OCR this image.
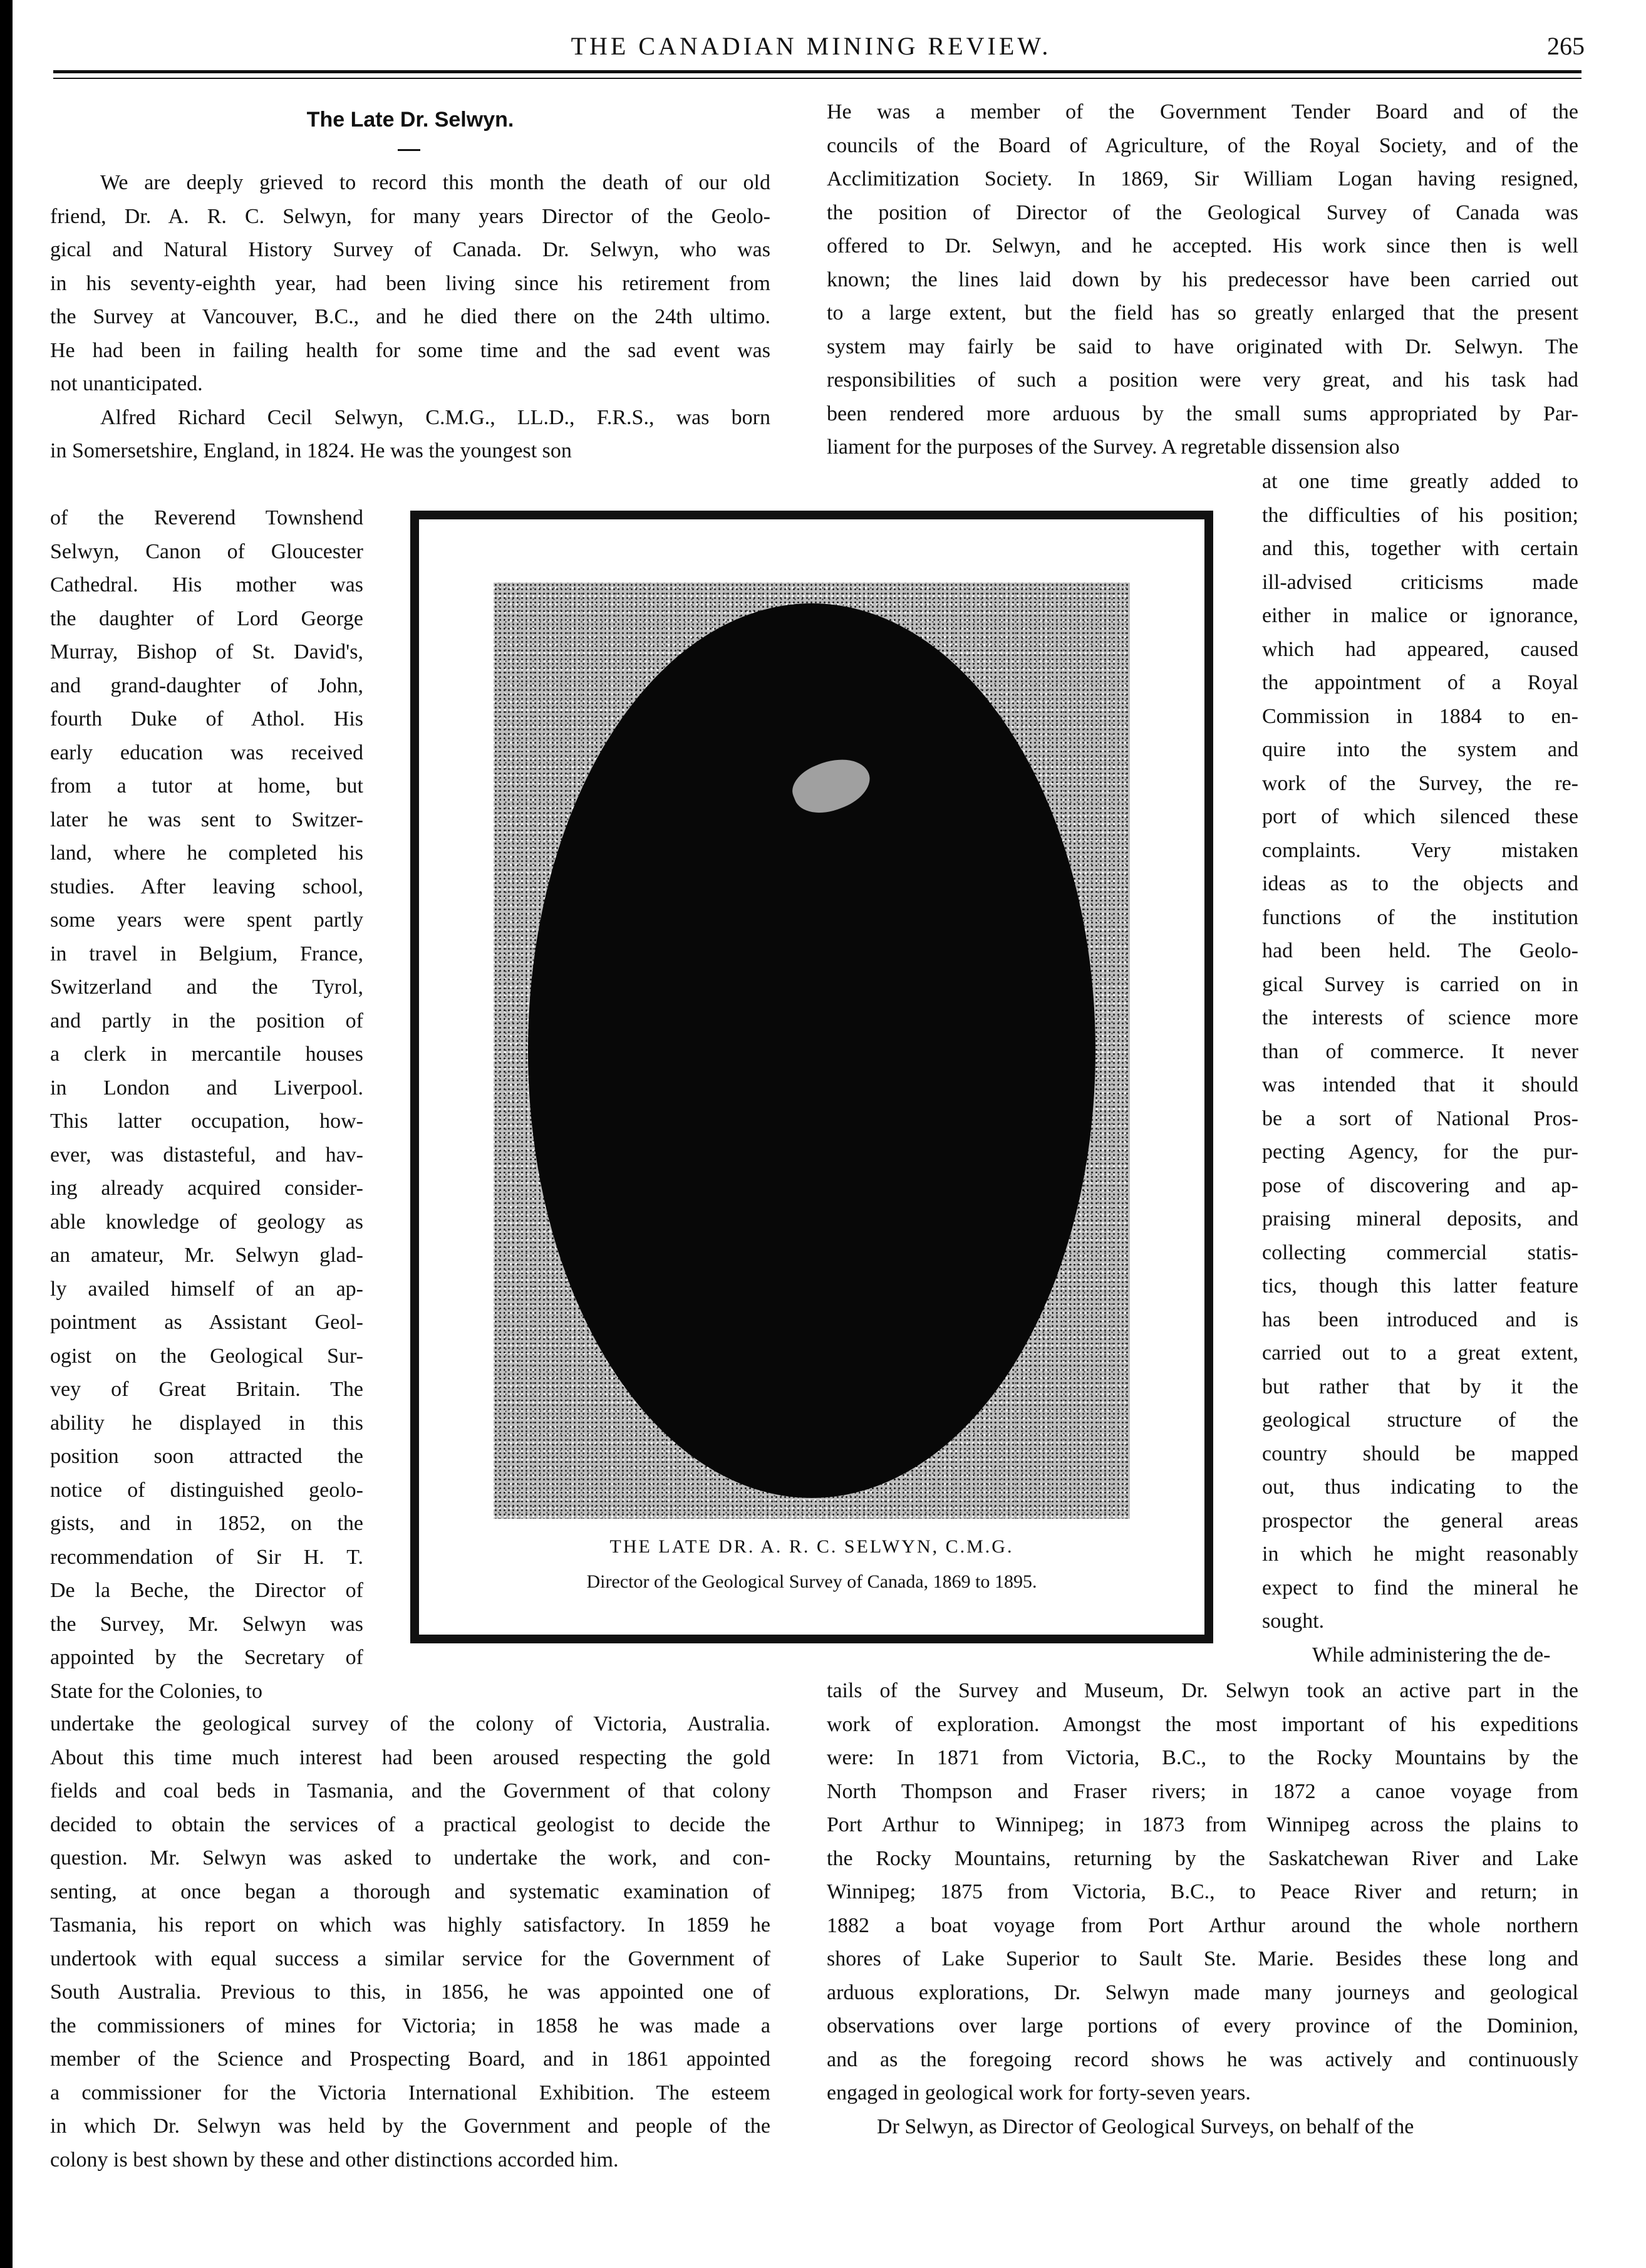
THE CANADIAN MINING REVIEW.	265
The Late Dr. Selwyn.
We are deeply grieved to record this month the death of our old
friend, Dr. A. R. C. Selwyn, for many years Director of the Geolo-
gical and Natural History Survey of Canada. Dr. Selwyn, who was
in his seventy-eighth year, had been living since his retirement from
the Survey at Vancouver, B.C., and he died there on the 24th ultimo.
He had been in failing health for some time and the sad event was
not unanticipated.
Alfred Richard Cecil Selwyn, C.M.G., LL.D., F.R.S., was born
in Somersetshire, England, in 1824. He was the youngest son
of the Reverend Townshend
Selwyn, Canon of Gloucester
Cathedral. His mother was
the daughter of Lord George
Murray, Bishop of St. David's,
and grand-daughter of John,
fourth Duke of Athol. His
early education was received
from a tutor at home, but
later he was sent to Switzer-
land, where he completed his
studies. After leaving school,
some years were spent partly
in travel in Belgium, France,
Switzerland and the Tyrol,
and partly in the position of
a clerk in mercantile houses
in London and Liverpool.
This latter occupation, how-
ever, was distasteful, and hav-
ing already acquired consider-
able knowledge of geology as
an amateur, Mr. Selwyn glad-
ly availed himself of an ap-
pointment as Assistant Geol-
ogist on the Geological Sur-
vey of Great Britain. The
ability he displayed in this
position soon attracted the
notice of distinguished geolo-
gists, and in 1852, on the
recommendation of Sir H. T.
De la Beche, the Director of
the Survey, Mr. Selwyn was
appointed by the Secretary of
State for the Colonies, to
undertake the geological survey of the colony of Victoria, Australia.
About this time much interest had been aroused respecting the gold
fields and coal beds in Tasmania, and the Government of that colony
decided to obtain the services of a practical geologist to decide the
question. Mr. Selwyn was asked to undertake the work, and con-
senting, at once began a thorough and systematic examination of
Tasmania, his report on which was highly satisfactory. In 1859 he
undertook with equal success a similar service for the Government of
South Australia. Previous to this, in 1856, he was appointed one of
the commissioners of mines for Victoria; in 1858 he was made a
member of the Science and Prospecting Board, and in 1861 appointed
a commissioner for the Victoria International Exhibition. The esteem
in which Dr. Selwyn was held by the Government and people of the
colony is best shown by these and other distinctions accorded him.
He was a member of the Government Tender Board and of the
councils of the Board of Agriculture, of the Royal Society, and of the
Acclimitization Society. In 1869, Sir William Logan having resigned,
the position of Director of the Geological Survey of Canada was
offered to Dr. Selwyn, and he accepted. His work since then is well
known; the lines laid down by his predecessor have been carried out
to a large extent, but the field has so greatly enlarged that the present
system may fairly be said to have originated with Dr. Selwyn. The
responsibilities of such a position were very great, and his task had
been rendered more arduous by the small sums appropriated by Par-
liament for the purposes of the Survey. A regretable dissension also
at one time greatly added to
the difficulties of his position;
and this, together with certain
ill-advised criticisms made
either in malice or ignorance,
which had appeared, caused
the appointment of a Royal
Commission in 1884 to en-
quire into the system and
work of the Survey, the re-
port of which silenced these
complaints. Very mistaken
ideas as to the objects and
functions of the institution
had been held. The Geolo-
gical Survey is carried on in
the interests of science more
than of commerce. It never
was intended that it should
be a sort of National Pros-
pecting Agency, for the pur-
pose of discovering and ap-
praising mineral deposits, and
collecting commercial statis-
tics, though this latter feature
has been introduced and is
carried out to a great extent,
but rather that by it the
geological structure of the
country should be mapped
out, thus indicating to the
prospector the general areas
in which he might reasonably
expect to find the mineral he
sought.
While administering the de-
tails of the Survey and Museum, Dr. Selwyn took an active part in the
work of exploration. Amongst the most important of his expeditions
were: In 1871 from Victoria, B.C., to the Rocky Mountains by the
North Thompson and Fraser rivers; in 1872 a canoe voyage from
Port Arthur to Winnipeg; in 1873 from Winnipeg across the plains to
the Rocky Mountains, returning by the Saskatchewan River and Lake
Winnipeg; 1875 from Victoria, B.C., to Peace River and return; in
1882 a boat voyage from Port Arthur around the whole northern
shores of Lake Superior to Sault Ste. Marie. Besides these long and
arduous explorations, Dr. Selwyn made many journeys and geological
observations over large portions of every province of the Dominion,
and as the foregoing record shows he was actively and continuously
engaged in geological work for forty-seven years.
Dr Selwyn, as Director of Geological Surveys, on behalf of the
THE LATE DR. A. R. C. SELWYN, C.M.G.
Director of the Geological Survey of Canada, 1869 to 1895.
